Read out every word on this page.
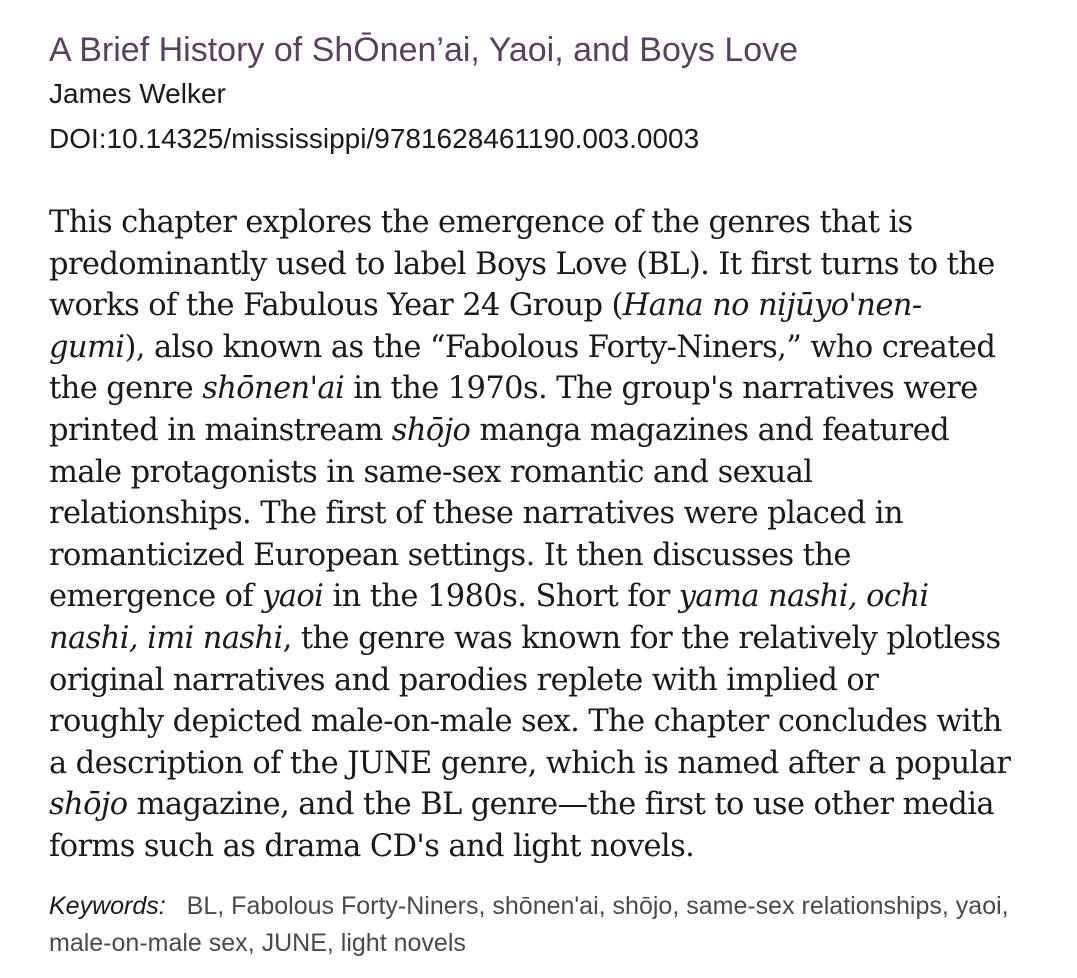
A Brief History of ShŌnen’ai, Yaoi, and Boys Love
James Welker
DOI:10.14325/mississippi/9781628461190.003.0003
This chapter explores the emergence of the genres that is
predominantly used to label Boys Love (BL). It first turns to the
works of the Fabulous Year 24 Group (Hana no nijūyo'nen-
gumi), also known as the “Fabolous Forty-Niners,” who created
the genre shōnen'ai in the 1970s. The group's narratives were
printed in mainstream shōjo manga magazines and featured
male protagonists in same-sex romantic and sexual
relationships. The first of these narratives were placed in
romanticized European settings. It then discusses the
emergence of yaoi in the 1980s. Short for yama nashi, ochi
nashi, imi nashi, the genre was known for the relatively plotless
original narratives and parodies replete with implied or
roughly depicted male-on-male sex. The chapter concludes with
a description of the JUNE genre, which is named after a popular
shōjo magazine, and the BL genre—the first to use other media
forms such as drama CD's and light novels.
Keywords: BL, Fabolous Forty-Niners, shōnen'ai, shōjo, same-sex relationships, yaoi, male-on-male sex, JUNE, light novels
